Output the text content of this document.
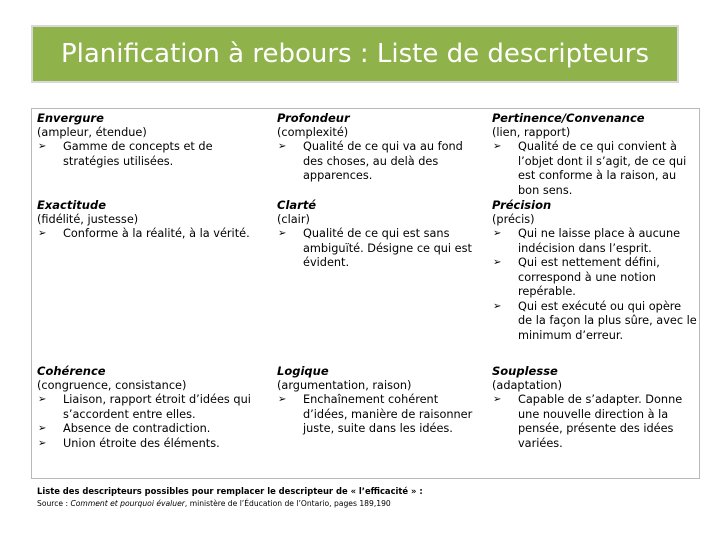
Planification à rebours : Liste de descripteurs
Envergure
(ampleur, étendue)
➢ Gamme de concepts et de stratégies utilisées.
Profondeur
(complexité)
➢ Qualité de ce qui va au fond des choses, au delà des apparences.
Pertinence/Convenance
(lien, rapport)
➢ Qualité de ce qui convient à l’objet dont il s’agit, de ce qui est conforme à la raison, au bon sens.
Exactitude
(fidélité, justesse)
➢ Conforme à la réalité, à la vérité.
Clarté
(clair)
➢ Qualité de ce qui est sans ambiguïté. Désigne ce qui est évident.
Précision
(précis)
➢ Qui ne laisse place à aucune indécision dans l’esprit.
➢ Qui est nettement défini, correspond à une notion repérable.
➢ Qui est exécuté ou qui opère de la façon la plus sûre, avec le minimum d’erreur.
Cohérence
(congruence, consistance)
➢ Liaison, rapport étroit d’idées qui s’accordent entre elles.
➢ Absence de contradiction.
➢ Union étroite des éléments.
Logique
(argumentation, raison)
➢ Enchaînement cohérent d’idées, manière de raisonner juste, suite dans les idées.
Souplesse
(adaptation)
➢ Capable de s’adapter. Donne une nouvelle direction à la pensée, présente des idées variées.
Liste des descripteurs possibles pour remplacer le descripteur de « l’efficacité » :
Source : Comment et pourquoi évaluer, ministère de l’Éducation de l’Ontario, pages 189,190
